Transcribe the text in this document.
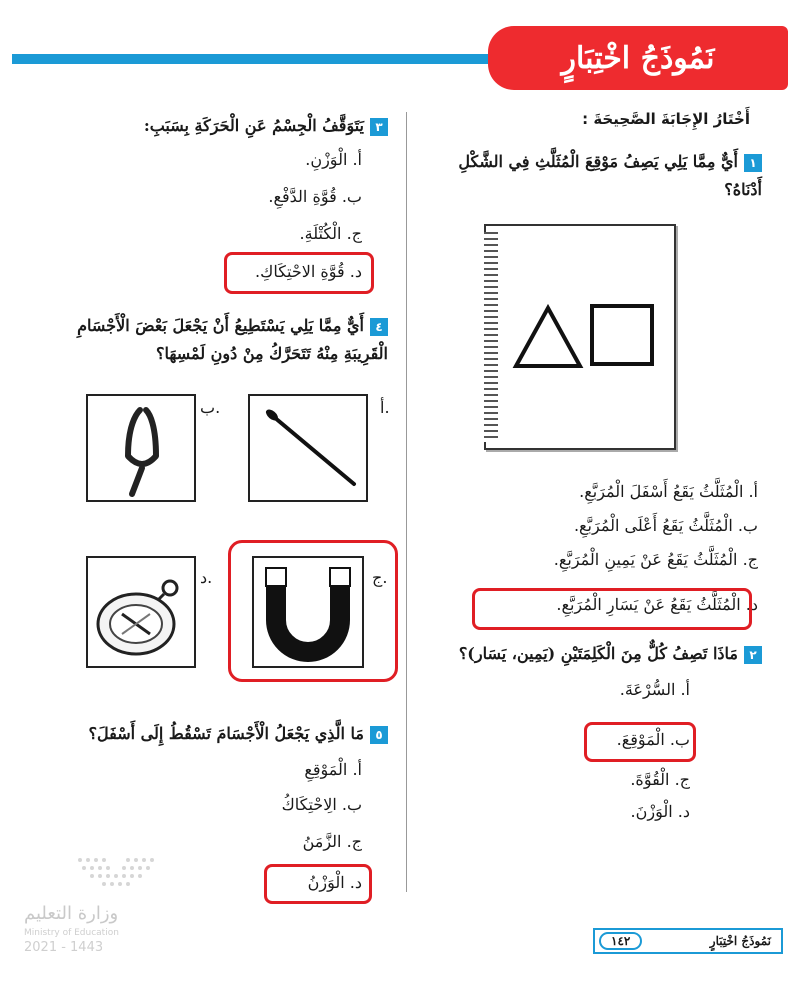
نَمُوذَجُ اخْتِبَارٍ
أَخْتَارُ الإِجَابَةَ الصَّحِيحَةَ :
١أَيٌّ مِمَّا يَلِي يَصِفُ مَوْقِعَ الْمُثَلَّثِ فِي الشَّكْلِ أَدْنَاهُ؟
أ. الْمُثَلَّثُ يَقَعُ أَسْفَلَ الْمُرَبَّعِ.
ب. الْمُثَلَّثُ يَقَعُ أَعْلَى الْمُرَبَّعِ.
ج. الْمُثَلَّثُ يَقَعُ عَنْ يَمِينِ الْمُرَبَّعِ.
د. الْمُثَلَّثُ يَقَعُ عَنْ يَسَارِ الْمُرَبَّعِ.
٢مَاذَا تَصِفُ كُلٌّ مِنَ الْكَلِمَتَيْنِ (يَمِين، يَسَار)؟
أ. السُّرْعَةَ.
ب. الْمَوْقِعَ.
ج. الْقُوَّةَ.
د. الْوَزْنَ.
٣يَتَوَقَّفُ الْجِسْمُ عَنِ الْحَرَكَةِ بِسَبَبِ:
أ. الْوَزْنِ.
ب. قُوَّةِ الدَّفْعِ.
ج. الْكُتْلَةِ.
د. قُوَّةِ الاحْتِكَاكِ.
٤أَيٌّ مِمَّا يَلِي يَسْتَطِيعُ أَنْ يَجْعَلَ بَعْضَ الْأَجْسَامِ الْقَرِيبَةِ مِنْهُ تَتَحَرَّكُ مِنْ دُونِ لَمْسِهَا؟
أ.
ب.
ج.
د.
٥مَا الَّذِي يَجْعَلُ الْأَجْسَامَ تَسْقُطُ إِلَى أَسْفَلَ؟
أ. الْمَوْقِعِ
ب. الِاحْتِكَاكُ
ج. الزَّمَنُ
د. الْوَزْنُ
وزارة التعليم
Ministry of Education
2021 - 1443	نَمُوذَجُ اخْتِبَارٍ
١٤٢
